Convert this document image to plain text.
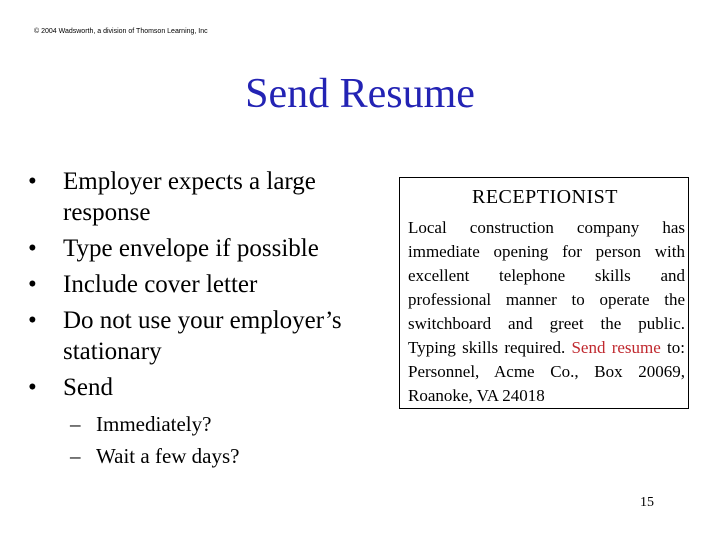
© 2004 Wadsworth, a division of Thomson Learning, Inc
Send Resume
• Employer expects a large response
• Type envelope if possible
• Include cover letter
• Do not use your employer’s stationary
• Send
– Immediately?
– Wait a few days?
RECEPTIONIST
Local construction company has immediate opening for person with excellent telephone skills and professional manner to operate the switchboard and greet the public. Typing skills required. Send resume to: Personnel, Acme Co., Box 20069, Roanoke, VA 24018
15
